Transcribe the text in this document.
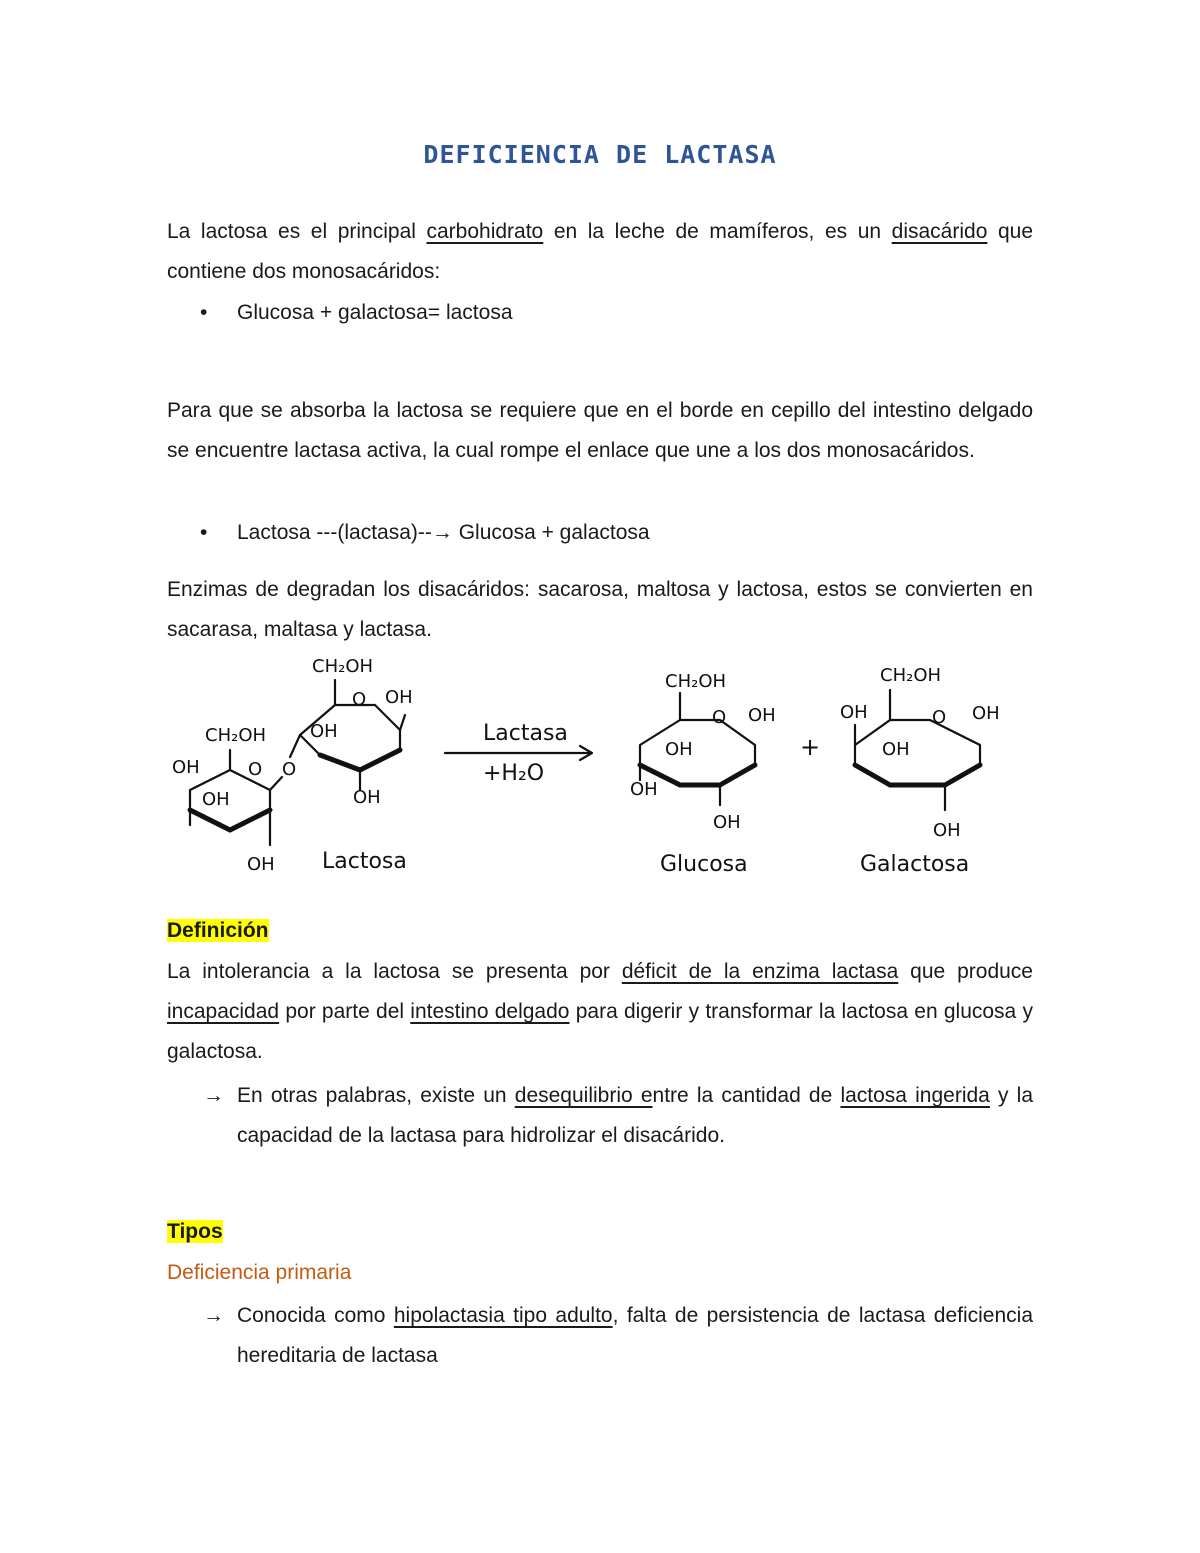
DEFICIENCIA DE LACTASA

La lactosa es el principal carbohidrato en la leche de mamíferos, es un disacárido que contiene dos monosacáridos:

• Glucosa + galactosa= lactosa

Para que se absorba la lactosa se requiere que en el borde en cepillo del intestino delgado se encuentre lactasa activa, la cual rompe el enlace que une a los dos monosacáridos.

• Lactosa ---(lactasa)--→ Glucosa + galactosa

Enzimas de degradan los disacáridos: sacarosa, maltosa y lactosa, estos se convierten en sacarasa, maltasa y lactasa.

CH₂OH
OH	O O
OH
OH
CH₂OH
O OH
OH
OH
Lactosa
Lactasa
+H₂O
CH₂OH
O OH
OH
OH
OH
Glucosa
+
CH₂OH
OH	O OH
OH
OH
Galactosa
Definición

La intolerancia a la lactosa se presenta por déficit de la enzima lactasa que produce incapacidad por parte del intestino delgado para digerir y transformar la lactosa en glucosa y galactosa.

→ En otras palabras, existe un desequilibrio entre la cantidad de lactosa ingerida y la capacidad de la lactasa para hidrolizar el disacárido.

Tipos
Deficiencia primaria
→ Conocida como hipolactasia tipo adulto, falta de persistencia de lactasa deficiencia hereditaria de lactasa
